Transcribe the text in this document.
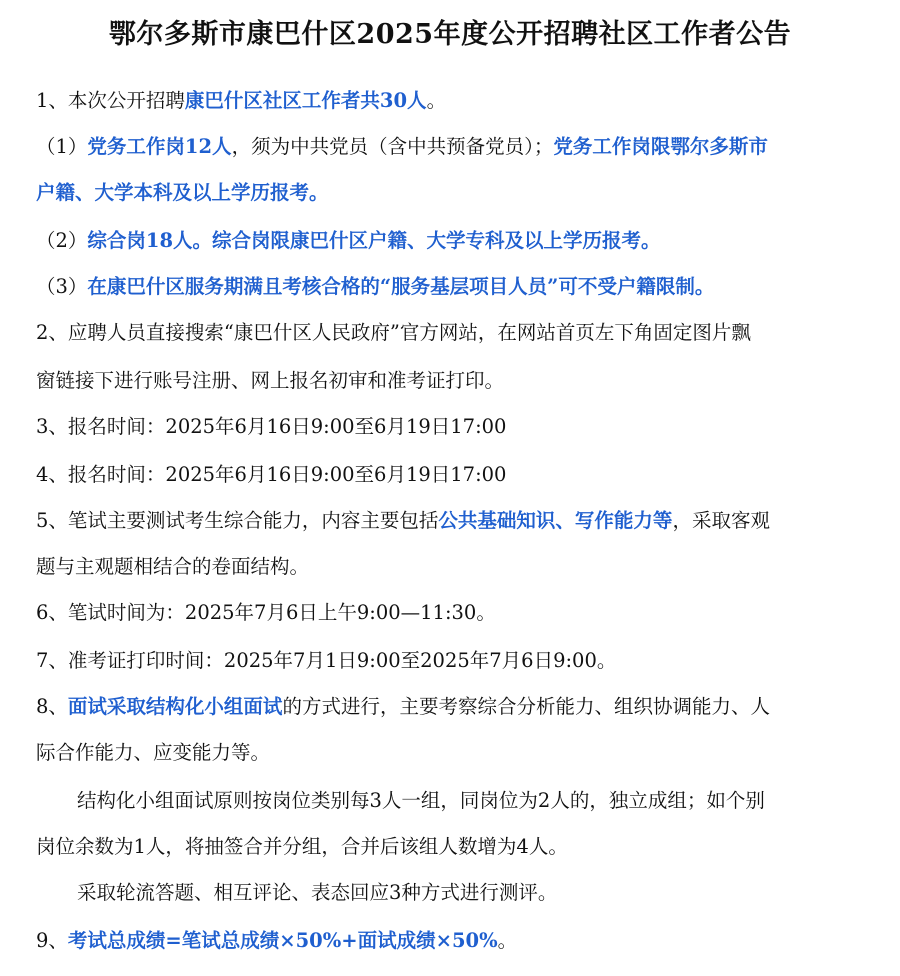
鄂尔多斯市康巴什区2025年度公开招聘社区工作者公告
1、本次公开招聘康巴什区社区工作者共30人。
（1）党务工作岗12人，须为中共党员（含中共预备党员）；党务工作岗限鄂尔多斯市
户籍、大学本科及以上学历报考。
（2）综合岗18人。综合岗限康巴什区户籍、大学专科及以上学历报考。
（3）在康巴什区服务期满且考核合格的“服务基层项目人员”可不受户籍限制。
2、应聘人员直接搜索“康巴什区人民政府”官方网站，在网站首页左下角固定图片飘
窗链接下进行账号注册、网上报名初审和准考证打印。
3、报名时间：2025年6月16日9:00至6月19日17:00
4、报名时间：2025年6月16日9:00至6月19日17:00
5、笔试主要测试考生综合能力，内容主要包括公共基础知识、写作能力等，采取客观
题与主观题相结合的卷面结构。
6、笔试时间为：2025年7月6日上午9:00—11:30。
7、准考证打印时间：2025年7月1日9:00至2025年7月6日9:00。
8、面试采取结构化小组面试的方式进行，主要考察综合分析能力、组织协调能力、人
际合作能力、应变能力等。
结构化小组面试原则按岗位类别每3人一组，同岗位为2人的，独立成组；如个别
岗位余数为1人，将抽签合并分组，合并后该组人数增为4人。
采取轮流答题、相互评论、表态回应3种方式进行测评。
9、考试总成绩=笔试总成绩×50%+面试成绩×50%。
